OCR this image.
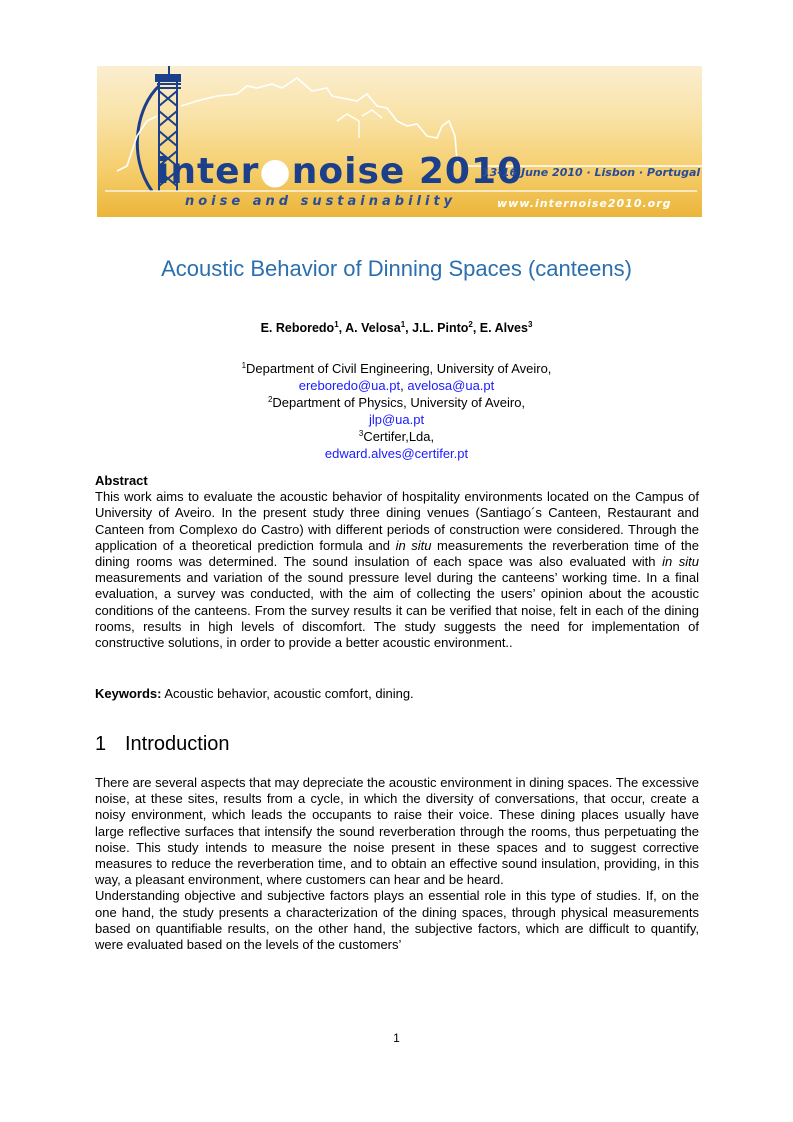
inter●noise 2010
noise and sustainability
13-16 June 2010 · Lisbon · Portugal
www.internoise2010.org
Acoustic Behavior of Dinning Spaces (canteens)
E. Reboredo$^1$, A. Velosa$^1$, J.L. Pinto$^2$, E. Alves$^3$
$^1$Department of Civil Engineering, University of Aveiro,
ereboredo@ua.pt, avelosa@ua.pt
$^2$Department of Physics, University of Aveiro,
jlp@ua.pt
$^3$Certifer,Lda,
edward.alves@certifer.pt
Abstract
This work aims to evaluate the acoustic behavior of hospitality environments located on the Campus of University of Aveiro. In the present study three dining venues (Santiago´s Canteen, Restaurant and Canteen from Complexo do Castro) with different periods of construction were considered. Through the application of a theoretical prediction formula and in situ measurements the reverberation time of the dining rooms was determined. The sound insulation of each space was also evaluated with in situ measurements and variation of the sound pressure level during the canteens’ working time. In a final evaluation, a survey was conducted, with the aim of collecting the users’ opinion about the acoustic conditions of the canteens. From the survey results it can be verified that noise, felt in each of the dining rooms, results in high levels of discomfort. The study suggests the need for implementation of constructive solutions, in order to provide a better acoustic environment..
Keywords: Acoustic behavior, acoustic comfort, dining.
1 Introduction
There are several aspects that may depreciate the acoustic environment in dining spaces. The excessive noise, at these sites, results from a cycle, in which the diversity of conversations, that occur, create a noisy environment, which leads the occupants to raise their voice. These dining places usually have large reflective surfaces that intensify the sound reverberation through the rooms, thus perpetuating the noise. This study intends to measure the noise present in these spaces and to suggest corrective measures to reduce the reverberation time, and to obtain an effective sound insulation, providing, in this way, a pleasant environment, where customers can hear and be heard.
Understanding objective and subjective factors plays an essential role in this type of studies. If, on the one hand, the study presents a characterization of the dining spaces, through physical measurements based on quantifiable results, on the other hand, the subjective factors, which are difficult to quantify, were evaluated based on the levels of the customers’
1
